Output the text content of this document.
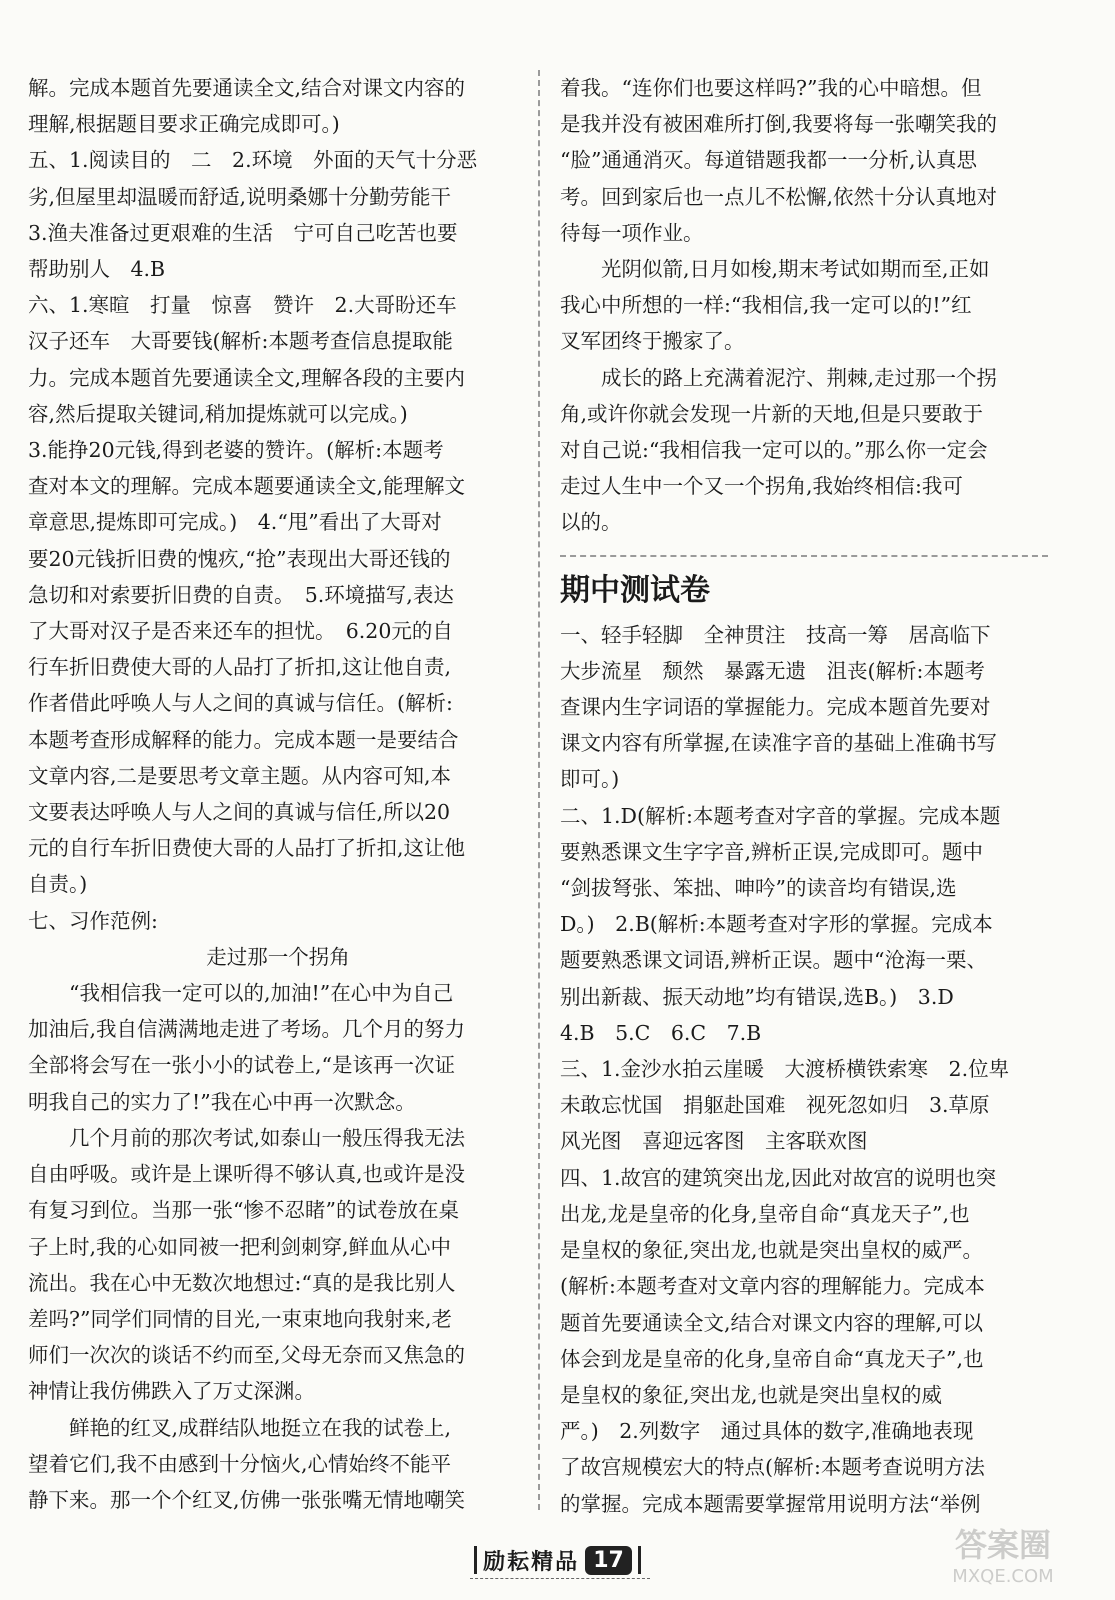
解。完成本题首先要通读全文,结合对课文内容的
理解,根据题目要求正确完成即可。)
五、1.阅读目的　二　2.环境　外面的天气十分恶
劣,但屋里却温暖而舒适,说明桑娜十分勤劳能干
3.渔夫准备过更艰难的生活　宁可自己吃苦也要
帮助别人　4.B
六、1.寒暄　打量　惊喜　赞许　2.大哥盼还车
汉子还车　大哥要钱(解析:本题考查信息提取能
力。完成本题首先要通读全文,理解各段的主要内
容,然后提取关键词,稍加提炼就可以完成。)
3.能挣20元钱,得到老婆的赞许。(解析:本题考
查对本文的理解。完成本题要通读全文,能理解文
章意思,提炼即可完成。)　4.“甩”看出了大哥对
要20元钱折旧费的愧疚,“抢”表现出大哥还钱的
急切和对索要折旧费的自责。　5.环境描写,表达
了大哥对汉子是否来还车的担忧。　6.20元的自
行车折旧费使大哥的人品打了折扣,这让他自责,
作者借此呼唤人与人之间的真诚与信任。(解析:
本题考查形成解释的能力。完成本题一是要结合
文章内容,二是要思考文章主题。从内容可知,本
文要表达呼唤人与人之间的真诚与信任,所以20
元的自行车折旧费使大哥的人品打了折扣,这让他
自责。)
七、习作范例:
走过那一个拐角
“我相信我一定可以的,加油!”在心中为自己
加油后,我自信满满地走进了考场。几个月的努力
全部将会写在一张小小的试卷上,“是该再一次证
明我自己的实力了!”我在心中再一次默念。
几个月前的那次考试,如泰山一般压得我无法
自由呼吸。或许是上课听得不够认真,也或许是没
有复习到位。当那一张“惨不忍睹”的试卷放在桌
子上时,我的心如同被一把利剑刺穿,鲜血从心中
流出。我在心中无数次地想过:“真的是我比别人
差吗?”同学们同情的目光,一束束地向我射来,老
师们一次次的谈话不约而至,父母无奈而又焦急的
神情让我仿佛跌入了万丈深渊。
鲜艳的红叉,成群结队地挺立在我的试卷上,
望着它们,我不由感到十分恼火,心情始终不能平
静下来。那一个个红叉,仿佛一张张嘴无情地嘲笑
着我。“连你们也要这样吗?”我的心中暗想。但
是我并没有被困难所打倒,我要将每一张嘲笑我的
“脸”通通消灭。每道错题我都一一分析,认真思
考。回到家后也一点儿不松懈,依然十分认真地对
待每一项作业。
光阴似箭,日月如梭,期末考试如期而至,正如
我心中所想的一样:“我相信,我一定可以的!”红
叉军团终于搬家了。
成长的路上充满着泥泞、荆棘,走过那一个拐
角,或许你就会发现一片新的天地,但是只要敢于
对自己说:“我相信我一定可以的。”那么你一定会
走过人生中一个又一个拐角,我始终相信:我可
以的。
期中测试卷
一、轻手轻脚　全神贯注　技高一筹　居高临下
大步流星　颓然　暴露无遗　沮丧(解析:本题考
查课内生字词语的掌握能力。完成本题首先要对
课文内容有所掌握,在读准字音的基础上准确书写
即可。)
二、1.D(解析:本题考查对字音的掌握。完成本题
要熟悉课文生字字音,辨析正误,完成即可。题中
“剑拔弩张、笨拙、呻吟”的读音均有错误,选
D。)　2.B(解析:本题考查对字形的掌握。完成本
题要熟悉课文词语,辨析正误。题中“沧海一栗、
别出新裁、振天动地”均有错误,选B。)　3.D
4.B　5.C　6.C　7.B
三、1.金沙水拍云崖暖　大渡桥横铁索寒　2.位卑
未敢忘忧国　捐躯赴国难　视死忽如归　3.草原
风光图　喜迎远客图　主客联欢图
四、1.故宫的建筑突出龙,因此对故宫的说明也突
出龙,龙是皇帝的化身,皇帝自命“真龙天子”,也
是皇权的象征,突出龙,也就是突出皇权的威严。
(解析:本题考查对文章内容的理解能力。完成本
题首先要通读全文,结合对课文内容的理解,可以
体会到龙是皇帝的化身,皇帝自命“真龙天子”,也
是皇权的象征,突出龙,也就是突出皇权的威
严。)　2.列数字　通过具体的数字,准确地表现
了故宫规模宏大的特点(解析:本题考查说明方法
的掌握。完成本题需要掌握常用说明方法“举例
励耘精品 17	答案圈
MXQE.COM
